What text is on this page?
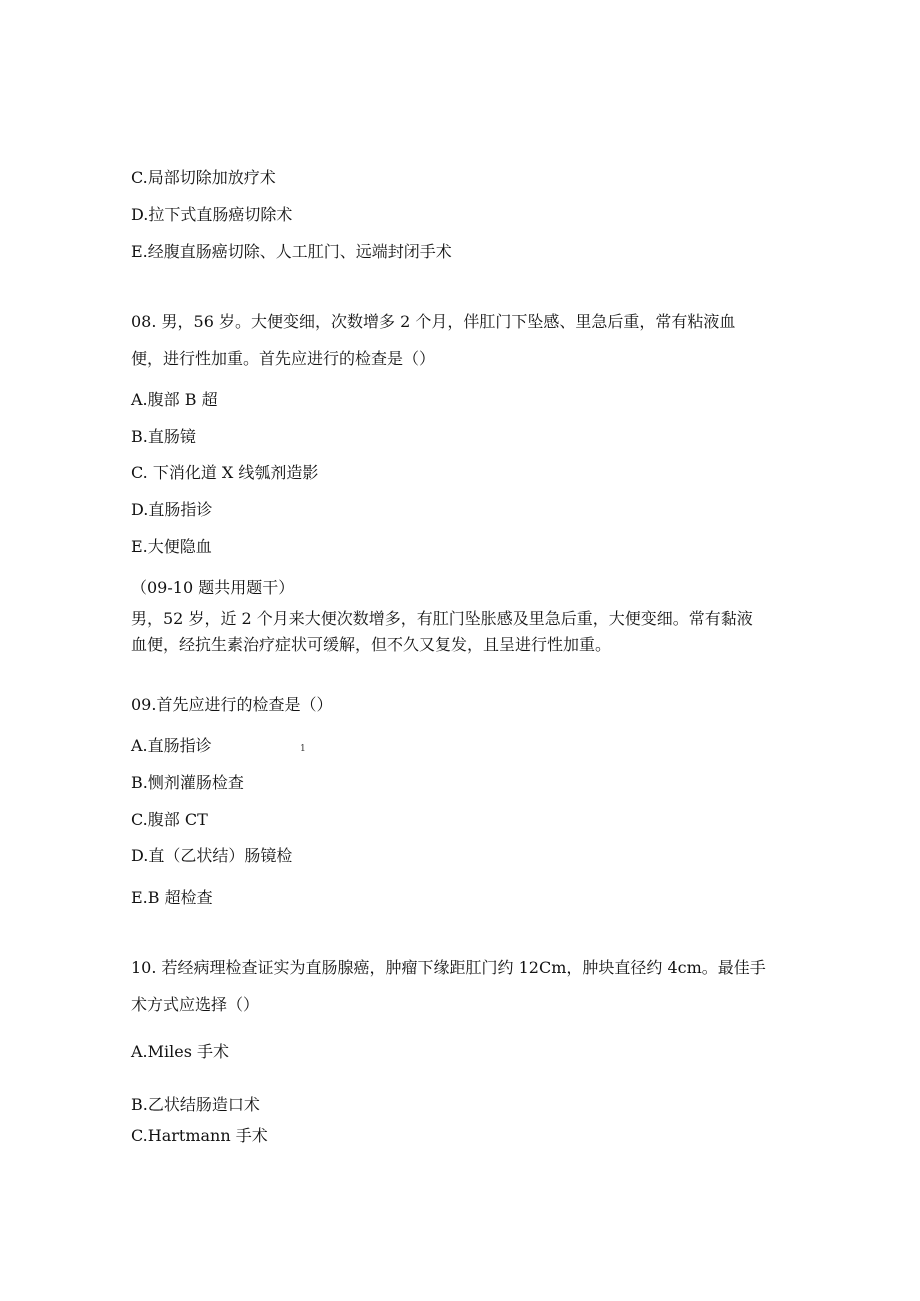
C.局部切除加放疗术

D.拉下式直肠癌切除术

E.经腹直肠癌切除、人工肛门、远端封闭手术

08. 男，56 岁。大便变细，次数增多 2 个月，伴肛门下坠感、里急后重，常有粘液血

便，进行性加重。首先应进行的检查是（）

A.腹部 B 超

B.直肠镜

C. 下消化道 X 线瓠剂造影

D.直肠指诊

E.大便隐血

（09-10 题共用题干）

男，52 岁，近 2 个月来大便次数增多，有肛门坠胀感及里急后重，大便变细。常有黏液

血便，经抗生素治疗症状可缓解，但不久又复发，且呈进行性加重。

09.首先应进行的检查是（）

A.直肠指诊	1

B.恻剂灌肠检查

C.腹部 CT

D.直（乙状结）肠镜检

E.B 超检查

10. 若经病理检查证实为直肠腺癌，肿瘤下缘距肛门约 12Cm，肿块直径约 4cm。最佳手

术方式应选择（）

A.Miles 手术

B.乙状结肠造口术

C.Hartmann 手术
